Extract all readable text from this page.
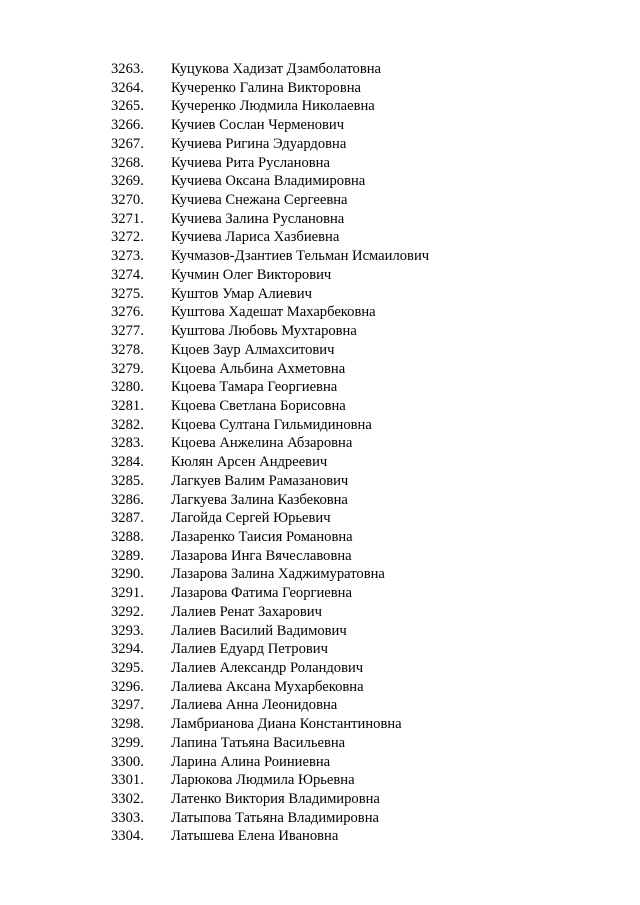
3263.	Куцукова Хадизат Дзамболатовна
3264.	Кучеренко Галина Викторовна
3265.	Кучеренко Людмила Николаевна
3266.	Кучиев Сослан Черменович
3267.	Кучиева Ригина Эдуардовна
3268.	Кучиева Рита Руслановна
3269.	Кучиева Оксана Владимировна
3270.	Кучиева Снежана Сергеевна
3271.	Кучиева Залина Руслановна
3272.	Кучиева Лариса Хазбиевна
3273.	Кучмазов-Дзантиев Тельман Исмаилович
3274.	Кучмин Олег Викторович
3275.	Куштов Умар Алиевич
3276.	Куштова Хадешат Махарбековна
3277.	Куштова Любовь Мухтаровна
3278.	Кцоев Заур Алмахситович
3279.	Кцоева Альбина Ахметовна
3280.	Кцоева Тамара Георгиевна
3281.	Кцоева Светлана Борисовна
3282.	Кцоева Султана Гильмидиновна
3283.	Кцоева Анжелина Абзаровна
3284.	Кюлян Арсен Андреевич
3285.	Лагкуев Валим Рамазанович
3286.	Лагкуева Залина Казбековна
3287.	Лагойда Сергей Юрьевич
3288.	Лазаренко Таисия Романовна
3289.	Лазарова Инга Вячеславовна
3290.	Лазарова Залина Хаджимуратовна
3291.	Лазарова Фатима Георгиевна
3292.	Лалиев Ренат Захарович
3293.	Лалиев Василий Вадимович
3294.	Лалиев Едуард Петрович
3295.	Лалиев Александр Роландович
3296.	Лалиева Аксана Мухарбековна
3297.	Лалиева Анна Леонидовна
3298.	Ламбрианова Диана Константиновна
3299.	Лапина Татьяна Васильевна
3300.	Ларина Алина Роиниевна
3301.	Ларюкова Людмила Юрьевна
3302.	Латенко Виктория Владимировна
3303.	Латыпова Татьяна Владимировна
3304.	Латышева Елена Ивановна
